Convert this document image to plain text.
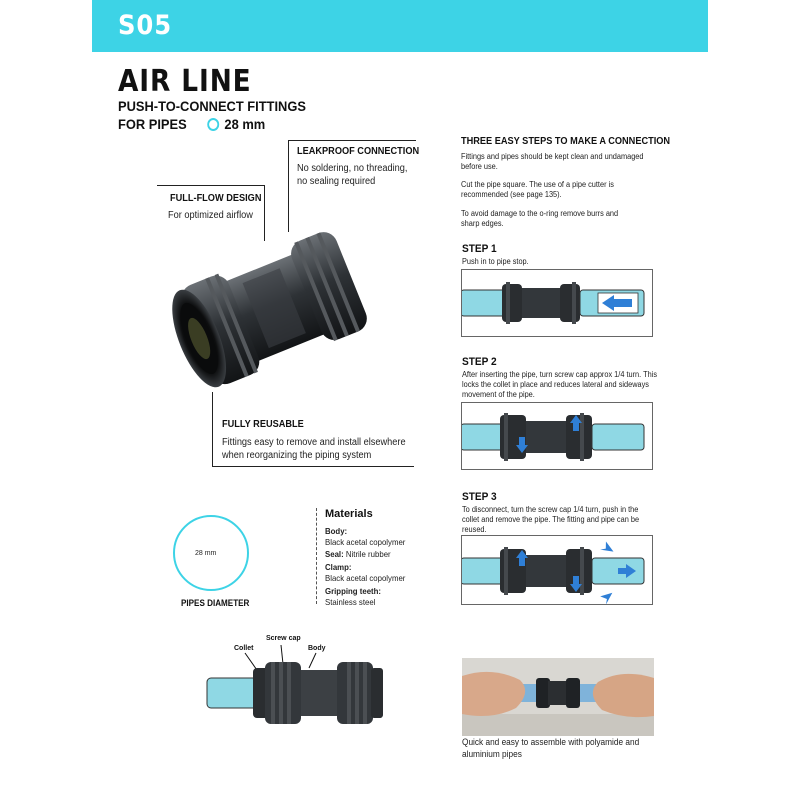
S05
AIR LINE
PUSH-TO-CONNECT FITTINGS
FOR PIPES	28 mm
LEAKPROOF CONNECTION
No soldering, no threading,
no sealing required
FULL-FLOW DESIGN
For optimized airflow
FULLY REUSABLE
Fittings easy to remove and install elsewhere
when reorganizing the piping system
THREE EASY STEPS TO MAKE A CONNECTION
Fittings and pipes should be kept clean and undamaged
before use.
Cut the pipe square. The use of a pipe cutter is
recommended (see page 135).
To avoid damage to the o-ring remove burrs and
sharp edges.
STEP 1
Push in to pipe stop.
STEP 2
After inserting the pipe, turn screw cap approx 1/4 turn. This
locks the collet in place and reduces lateral and sideways
movement of the pipe.
STEP 3
To disconnect, turn the screw cap 1/4 turn, push in the
collet and remove the pipe. The fitting and pipe can be
reused.
28 mm
PIPES DIAMETER
Materials
Body:
Black acetal copolymer
Seal: Nitrile rubber
Clamp:
Black acetal copolymer
Gripping teeth:
Stainless steel
Collet
Screw cap
Body
Quick and easy to assemble with polyamide and
aluminium pipes
